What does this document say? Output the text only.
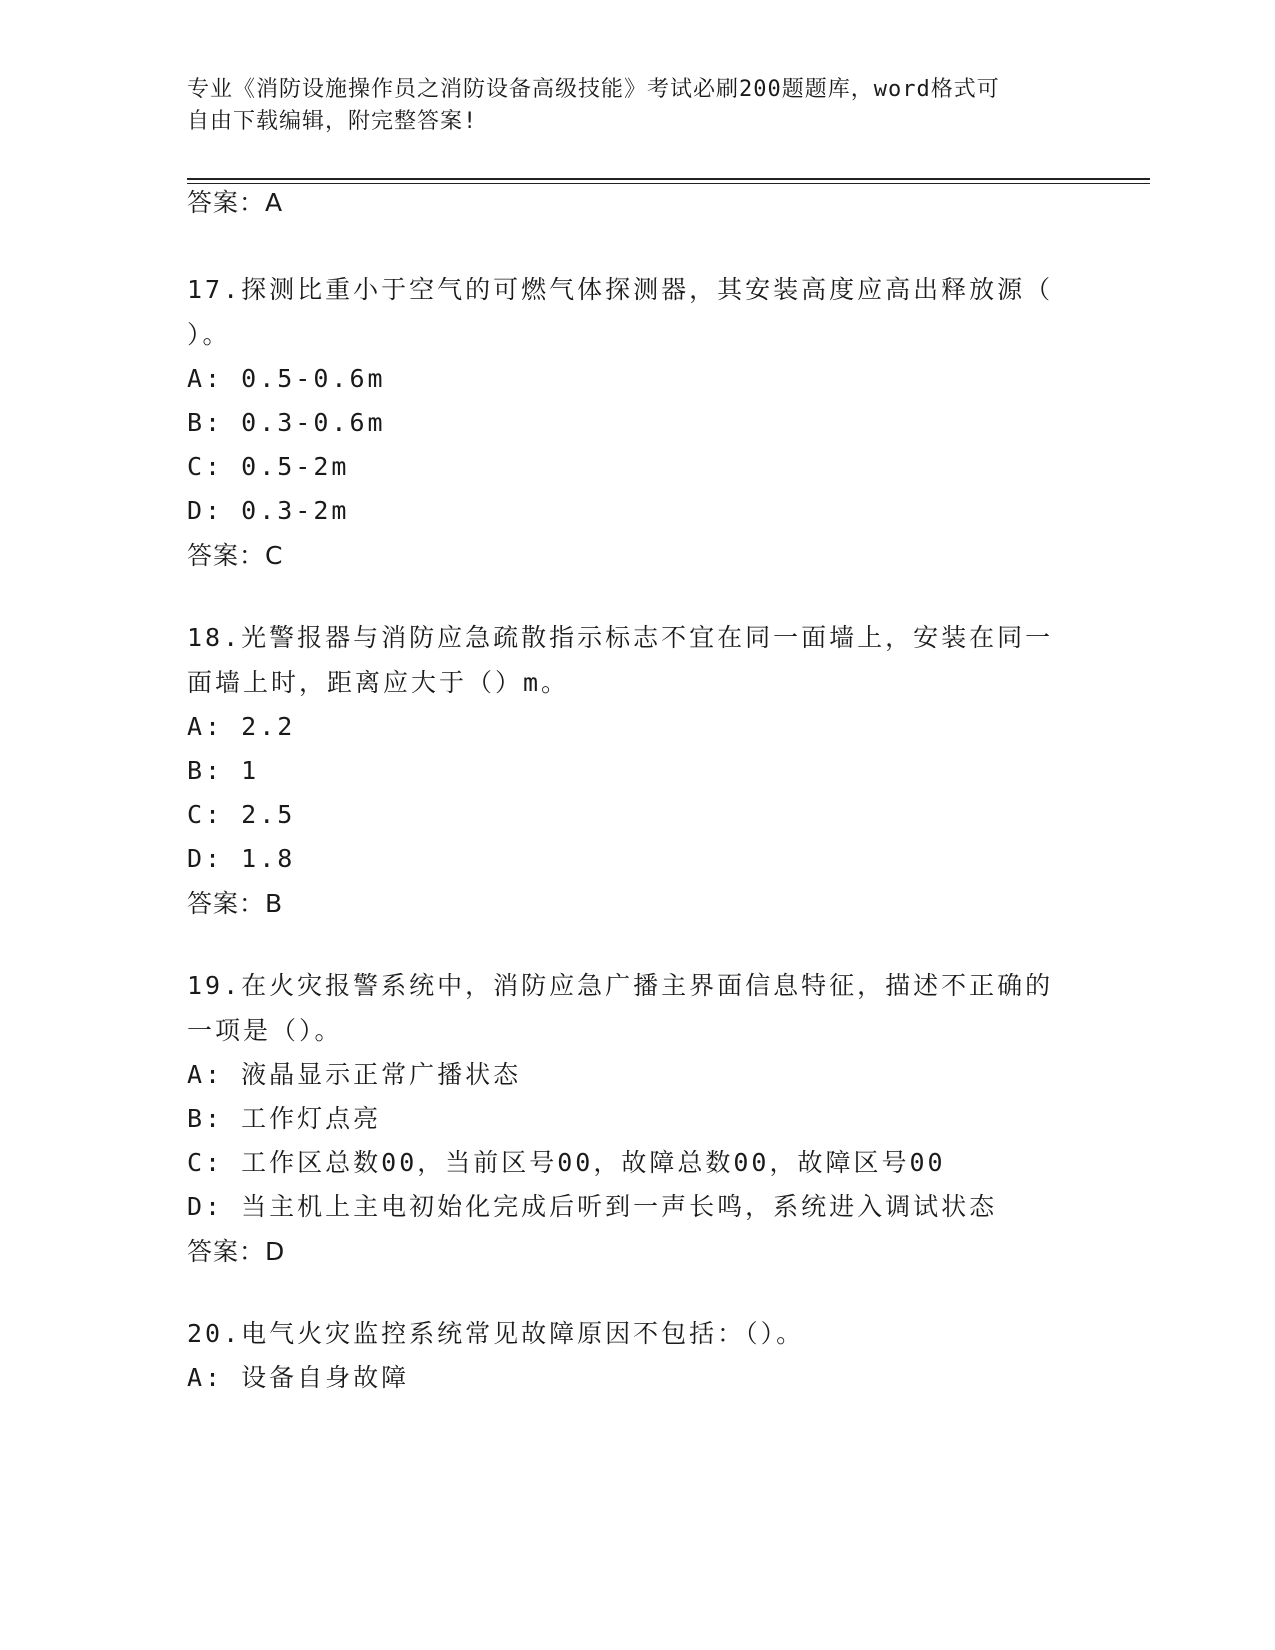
专业《消防设施操作员之消防设备高级技能》考试必刷200题题库，word格式可
自由下载编辑，附完整答案!
答案：A
17.探测比重小于空气的可燃气体探测器，其安装高度应高出释放源（
）。
A: 0.5-0.6m
B: 0.3-0.6m
C: 0.5-2m
D: 0.3-2m
答案：C
18.光警报器与消防应急疏散指示标志不宜在同一面墙上，安装在同一
面墙上时，距离应大于（）m。
A: 2.2
B: 1
C: 2.5
D: 1.8
答案：B
19.在火灾报警系统中，消防应急广播主界面信息特征，描述不正确的
一项是（）。
A: 液晶显示正常广播状态
B: 工作灯点亮
C: 工作区总数00，当前区号00，故障总数00，故障区号00
D: 当主机上主电初始化完成后听到一声长鸣，系统进入调试状态
答案：D
20.电气火灾监控系统常见故障原因不包括：（）。
A: 设备自身故障
